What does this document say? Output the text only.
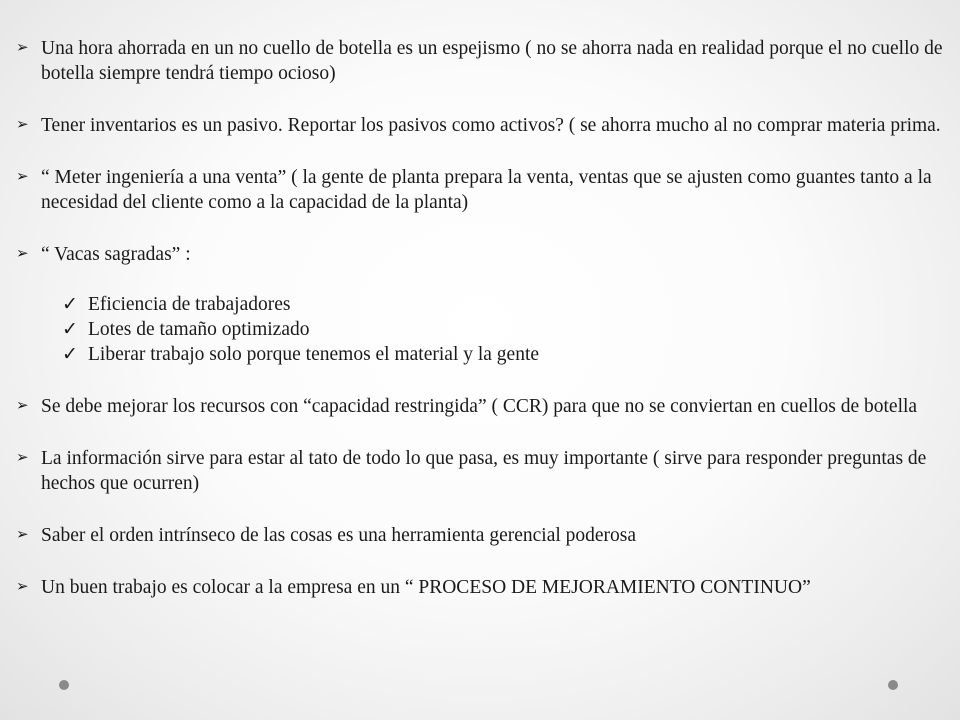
➢ Una hora ahorrada en un no cuello de botella es un espejismo ( no se ahorra nada en realidad porque el no cuello de botella siempre tendrá tiempo ocioso)
➢ Tener inventarios es un pasivo. Reportar los pasivos como activos? ( se ahorra mucho al no comprar materia prima.
➢ “ Meter ingeniería a una venta” ( la gente de planta prepara la venta, ventas que se ajusten como guantes tanto a la necesidad del cliente como a la capacidad de la planta)
➢ “ Vacas sagradas” :
✓ Eficiencia de trabajadores
✓ Lotes de tamaño optimizado
✓ Liberar trabajo solo porque tenemos el material y la gente
➢ Se debe mejorar los recursos con “capacidad restringida” ( CCR) para que no se conviertan en cuellos de botella
➢ La información sirve para estar al tato de todo lo que pasa, es muy importante ( sirve para responder preguntas de hechos que ocurren)
➢ Saber el orden intrínseco de las cosas es una herramienta gerencial poderosa
➢ Un buen trabajo es colocar a la empresa en un “ PROCESO DE MEJORAMIENTO CONTINUO”
